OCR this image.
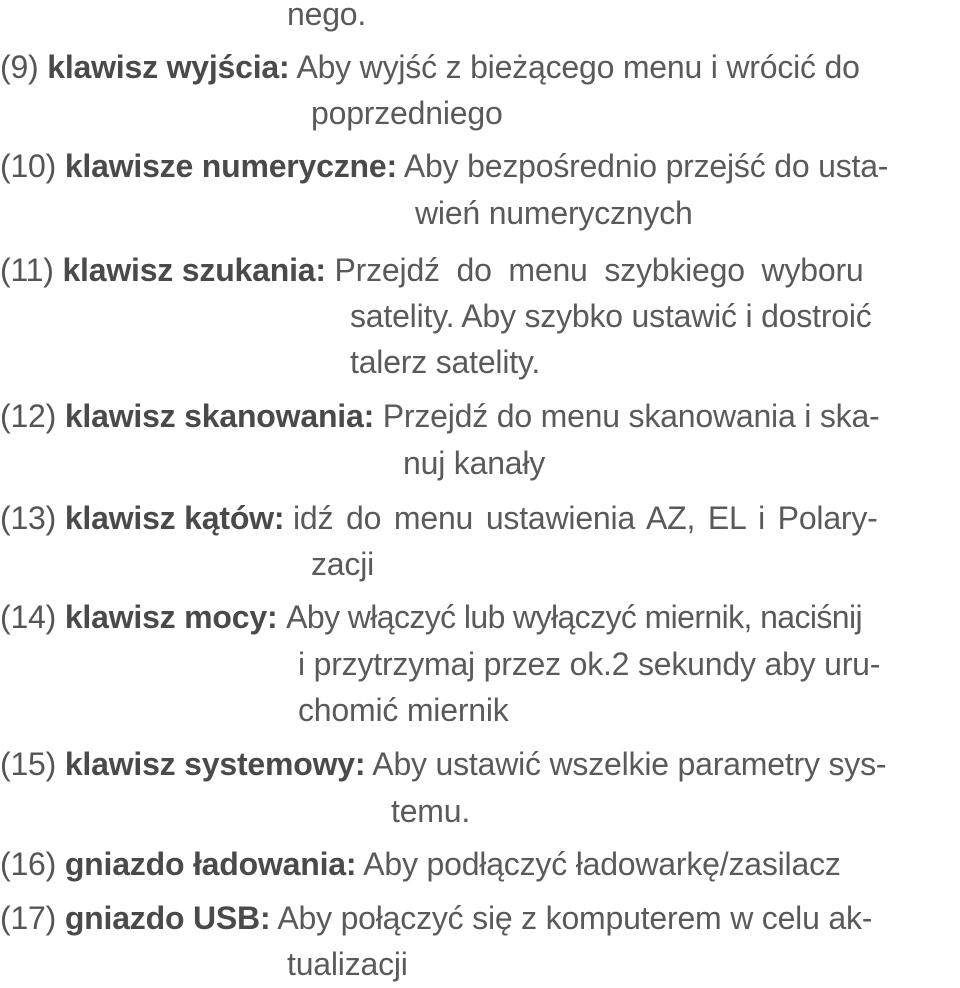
nego.
(9) klawisz wyjścia: Aby wyjść z bieżącego menu i wrócić do
poprzedniego
(10) klawisze numeryczne: Aby bezpośrednio przejść do usta-
wień numerycznych
(11) klawisz szukania: Przejdź do menu szybkiego wyboru
satelity. Aby szybko ustawić i dostroić
talerz satelity.
(12) klawisz skanowania: Przejdź do menu skanowania i ska-
nuj kanały
(13) klawisz kątów: idź do menu ustawienia AZ, EL i Polary-
zacji
(14) klawisz mocy: Aby włączyć lub wyłączyć miernik, naciśnij
i przytrzymaj przez ok.2 sekundy aby uru-
chomić miernik
(15) klawisz systemowy: Aby ustawić wszelkie parametry sys-
temu.
(16) gniazdo ładowania: Aby podłączyć ładowarkę/zasilacz
(17) gniazdo USB: Aby połączyć się z komputerem w celu ak-
tualizacji
